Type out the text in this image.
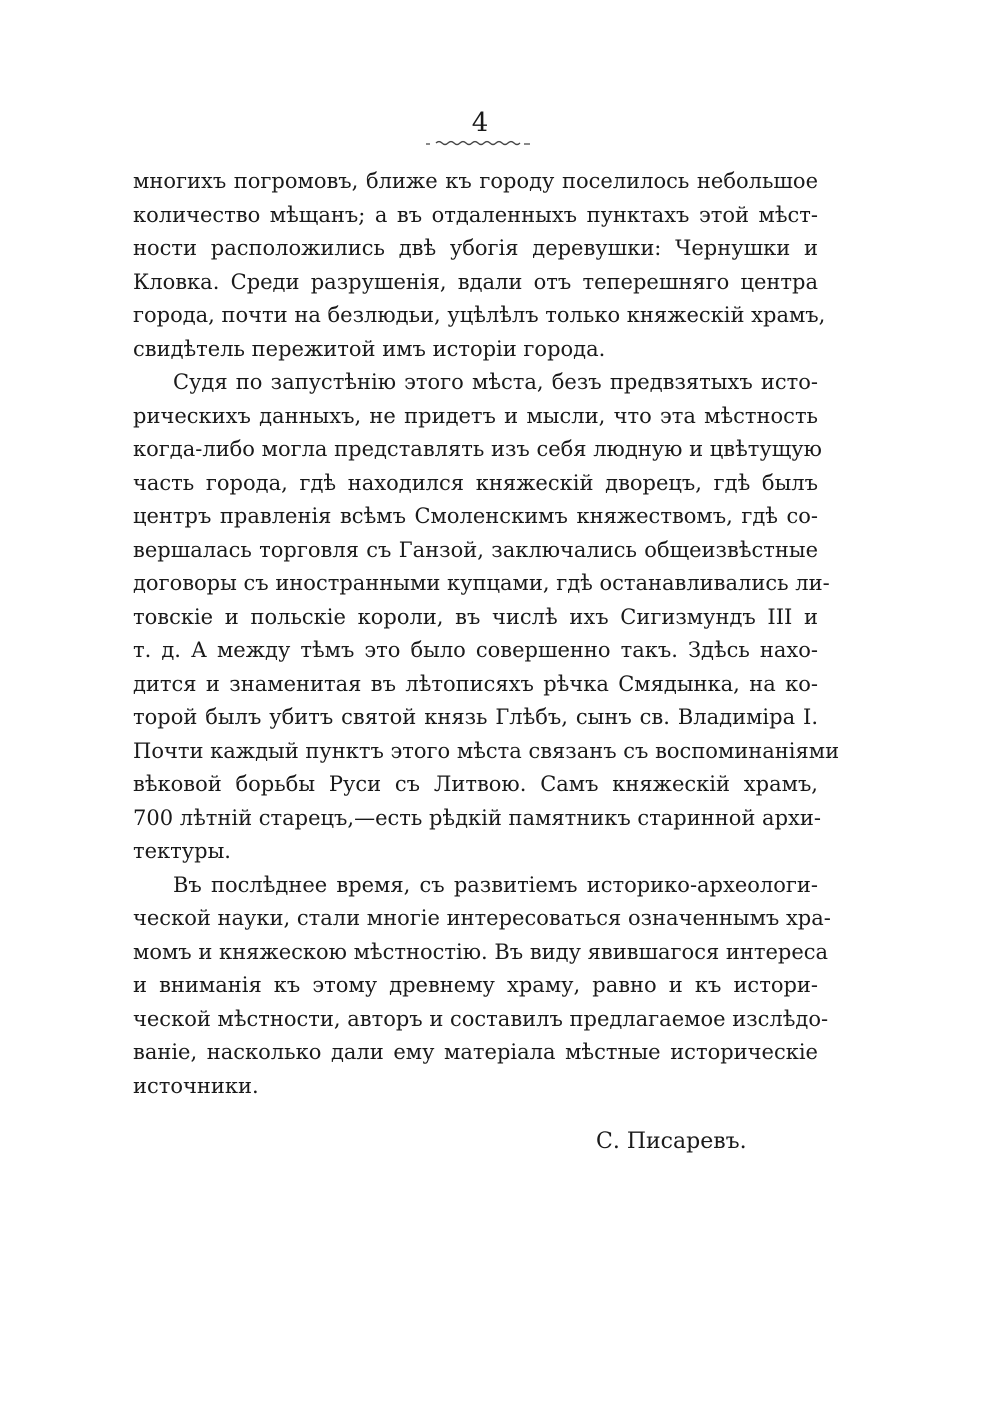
4
многихъ погромовъ, ближе къ городу поселилось небольшое
количество мѣщанъ; а въ отдаленныхъ пунктахъ этой мѣст-
ности расположились двѣ убогія деревушки: Чернушки и
Кловка. Среди разрушенія, вдали отъ теперешняго центра
города, почти на безлюдьи, уцѣлѣлъ только княжескій храмъ,
свидѣтель пережитой имъ исторіи города.
Судя по запустѣнію этого мѣста, безъ предвзятыхъ исто-
рическихъ данныхъ, не придетъ и мысли, что эта мѣстность
когда-либо могла представлять изъ себя людную и цвѣтущую
часть города, гдѣ находился княжескій дворецъ, гдѣ былъ
центръ правленія всѣмъ Смоленскимъ княжествомъ, гдѣ со-
вершалась торговля съ Ганзой, заключались общеизвѣстные
договоры съ иностранными купцами, гдѣ останавливались ли-
товскіе и польскіе короли, въ числѣ ихъ Сигизмундъ III и
т. д. А между тѣмъ это было совершенно такъ. Здѣсь нахо-
дится и знаменитая въ лѣтописяхъ рѣчка Смядынка, на ко-
торой былъ убитъ святой князь Глѣбъ, сынъ св. Владиміра I.
Почти каждый пунктъ этого мѣста связанъ съ воспоминаніями
вѣковой борьбы Руси съ Литвою. Самъ княжескій храмъ,
700 лѣтній старецъ,—есть рѣдкій памятникъ старинной архи-
тектуры.
Въ послѣднее время, съ развитіемъ историко-археологи-
ческой науки, стали многіе интересоваться означеннымъ хра-
момъ и княжескою мѣстностію. Въ виду явившагося интереса
и вниманія къ этому древнему храму, равно и къ истори-
ческой мѣстности, авторъ и составилъ предлагаемое изслѣдо-
ваніе, насколько дали ему матеріала мѣстные историческіе
источники.
С. Писаревъ.
